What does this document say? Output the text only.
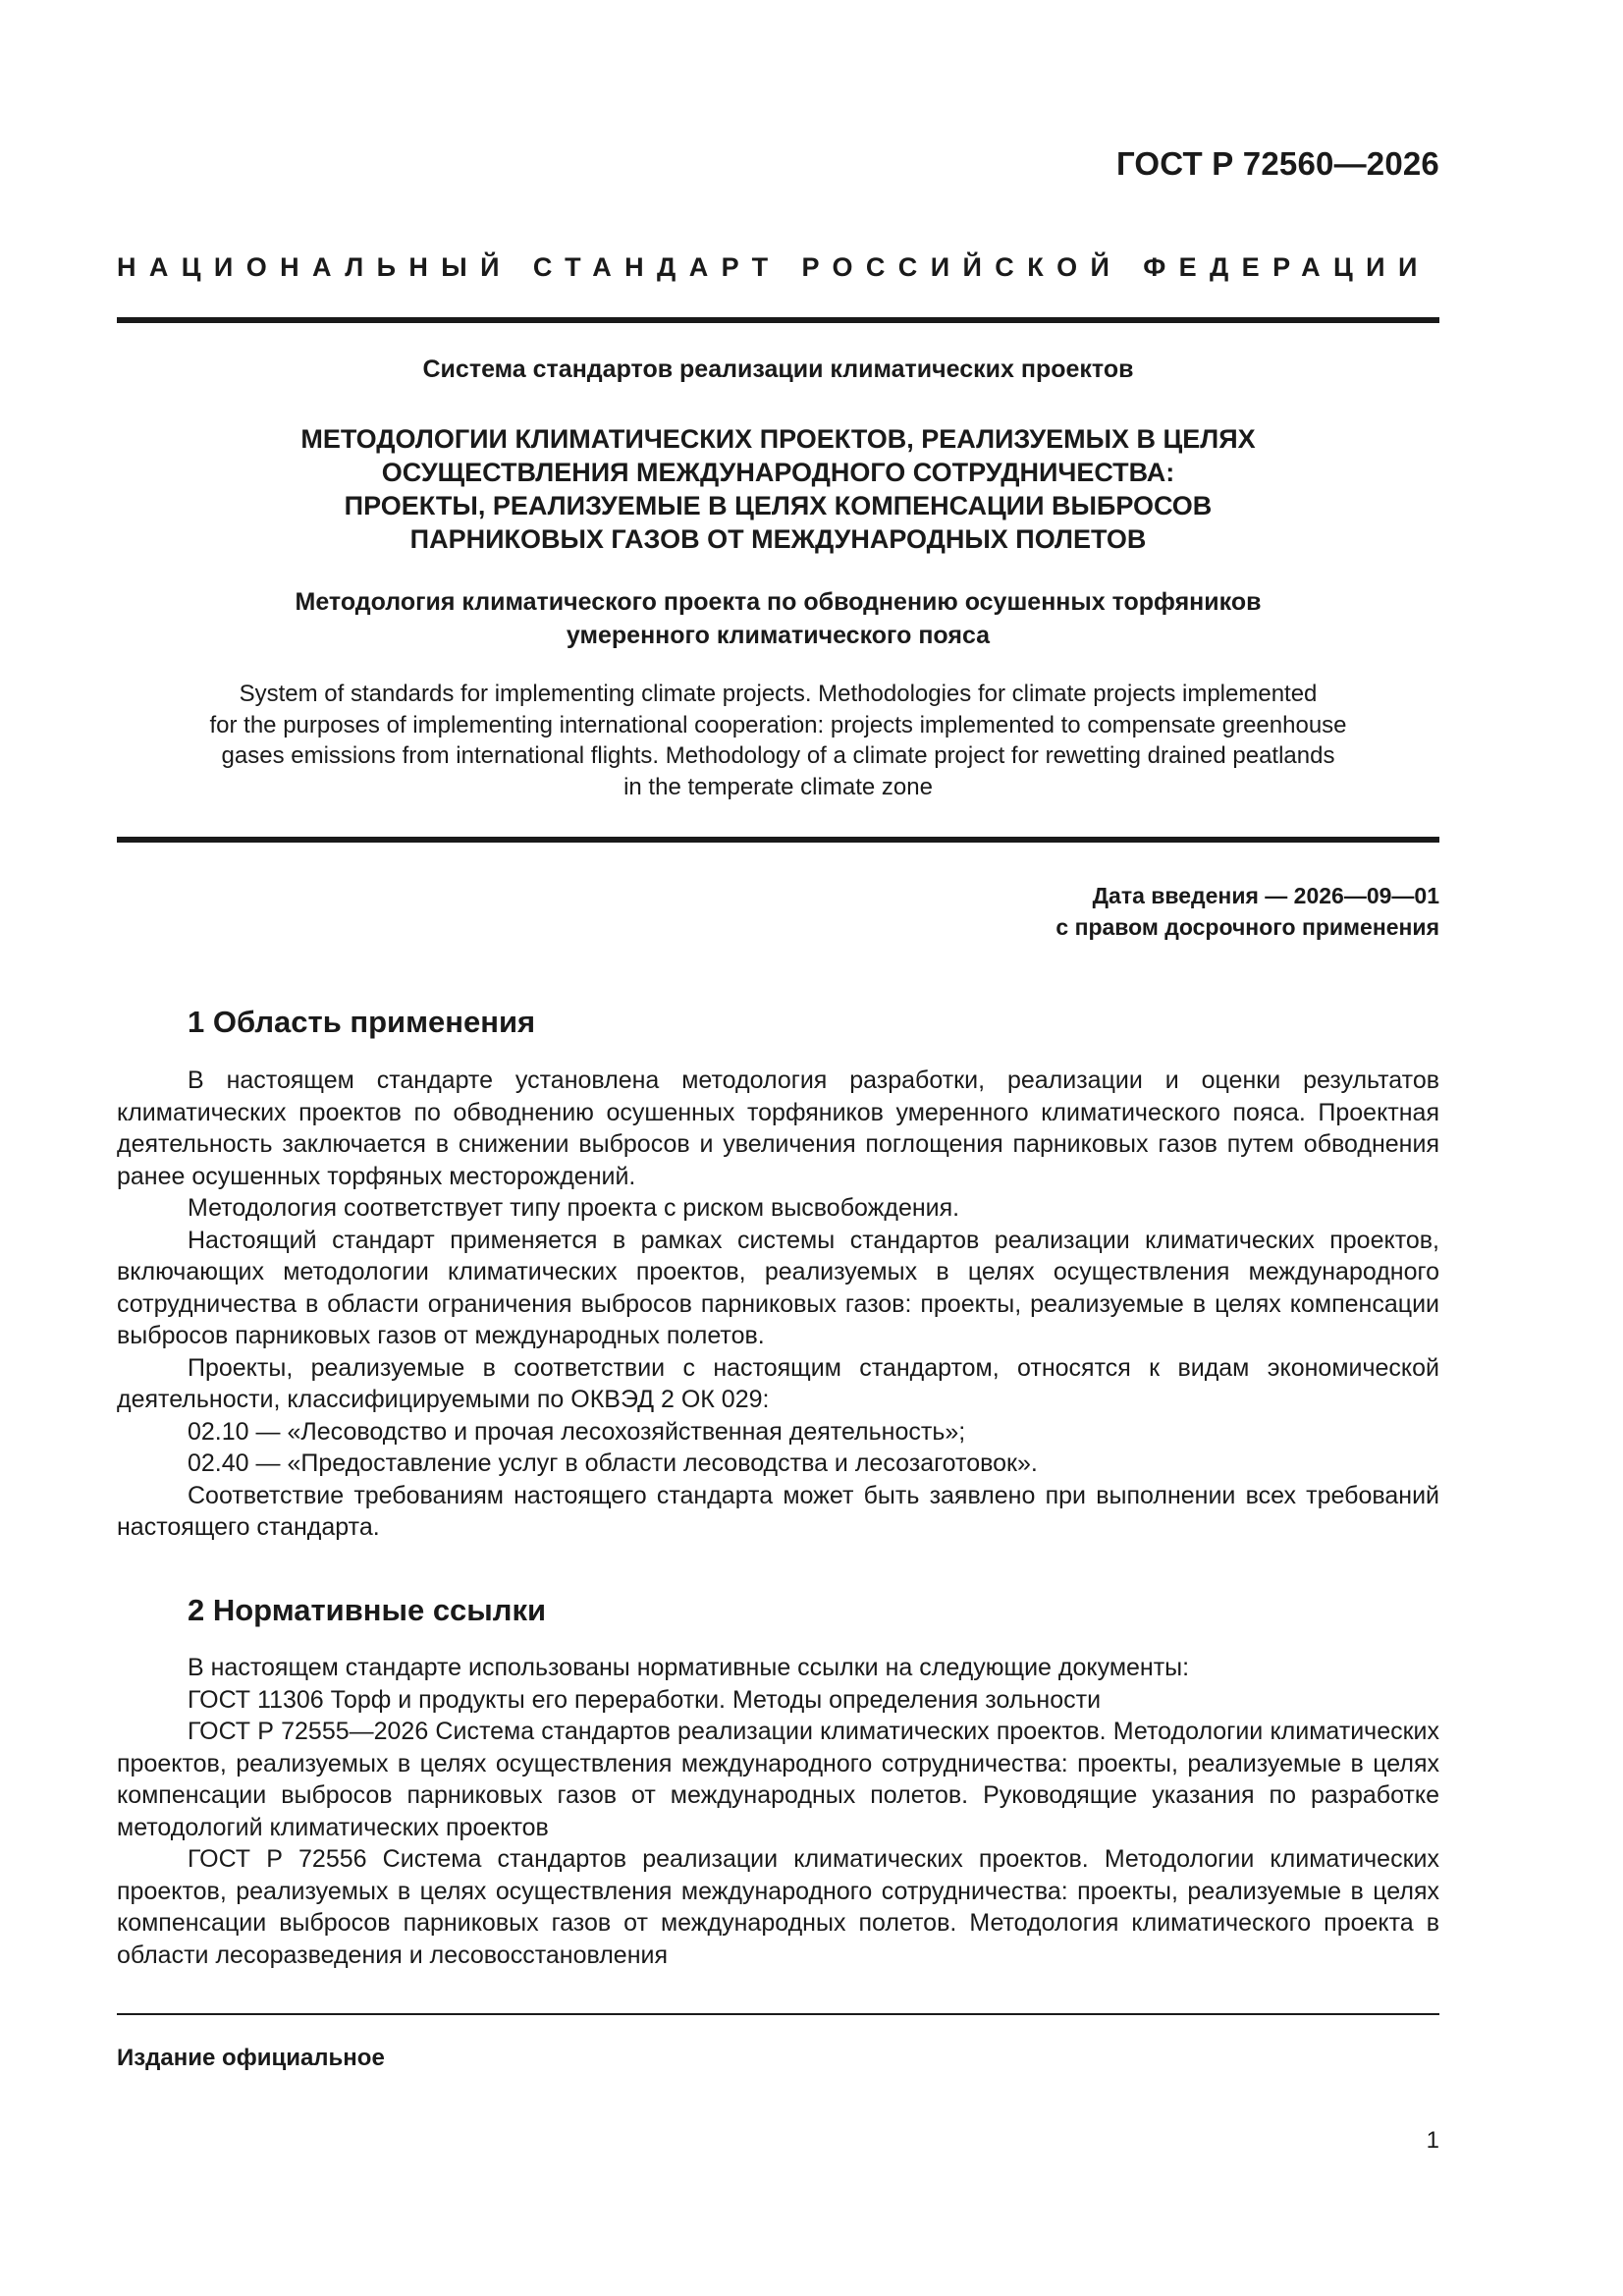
ГОСТ Р 72560—2026
НАЦИОНАЛЬНЫЙ СТАНДАРТ РОССИЙСКОЙ ФЕДЕРАЦИИ
Система стандартов реализации климатических проектов
МЕТОДОЛОГИИ КЛИМАТИЧЕСКИХ ПРОЕКТОВ, РЕАЛИЗУЕМЫХ В ЦЕЛЯХ
ОСУЩЕСТВЛЕНИЯ МЕЖДУНАРОДНОГО СОТРУДНИЧЕСТВА:
ПРОЕКТЫ, РЕАЛИЗУЕМЫЕ В ЦЕЛЯХ КОМПЕНСАЦИИ ВЫБРОСОВ
ПАРНИКОВЫХ ГАЗОВ ОТ МЕЖДУНАРОДНЫХ ПОЛЕТОВ
Методология климатического проекта по обводнению осушенных торфяников
умеренного климатического пояса
System of standards for implementing climate projects. Methodologies for climate projects implemented
for the purposes of implementing international cooperation: projects implemented to compensate greenhouse
gases emissions from international flights. Methodology of a climate project for rewetting drained peatlands
in the temperate climate zone
Дата введения — 2026—09—01
с правом досрочного применения
1 Область применения

В настоящем стандарте установлена методология разработки, реализации и оценки результатов климатических проектов по обводнению осушенных торфяников умеренного климатического пояса. Проектная деятельность заключается в снижении выбросов и увеличения поглощения парниковых газов путем обводнения ранее осушенных торфяных месторождений.

Методология соответствует типу проекта с риском высвобождения.

Настоящий стандарт применяется в рамках системы стандартов реализации климатических проектов, включающих методологии климатических проектов, реализуемых в целях осуществления международного сотрудничества в области ограничения выбросов парниковых газов: проекты, реализуемые в целях компенсации выбросов парниковых газов от международных полетов.

Проекты, реализуемые в соответствии с настоящим стандартом, относятся к видам экономической деятельности, классифицируемыми по ОКВЭД 2 ОК 029:

02.10 — «Лесоводство и прочая лесохозяйственная деятельность»;

02.40 — «Предоставление услуг в области лесоводства и лесозаготовок».

Соответствие требованиям настоящего стандарта может быть заявлено при выполнении всех требований настоящего стандарта.

2 Нормативные ссылки

В настоящем стандарте использованы нормативные ссылки на следующие документы:

ГОСТ 11306 Торф и продукты его переработки. Методы определения зольности

ГОСТ Р 72555—2026 Система стандартов реализации климатических проектов. Методологии климатических проектов, реализуемых в целях осуществления международного сотрудничества: проекты, реализуемые в целях компенсации выбросов парниковых газов от международных полетов. Руководящие указания по разработке методологий климатических проектов

ГОСТ Р 72556 Система стандартов реализации климатических проектов. Методологии климатических проектов, реализуемых в целях осуществления международного сотрудничества: проекты, реализуемые в целях компенсации выбросов парниковых газов от международных полетов. Методология климатического проекта в области лесоразведения и лесовосстановления

Издание официальное
1
